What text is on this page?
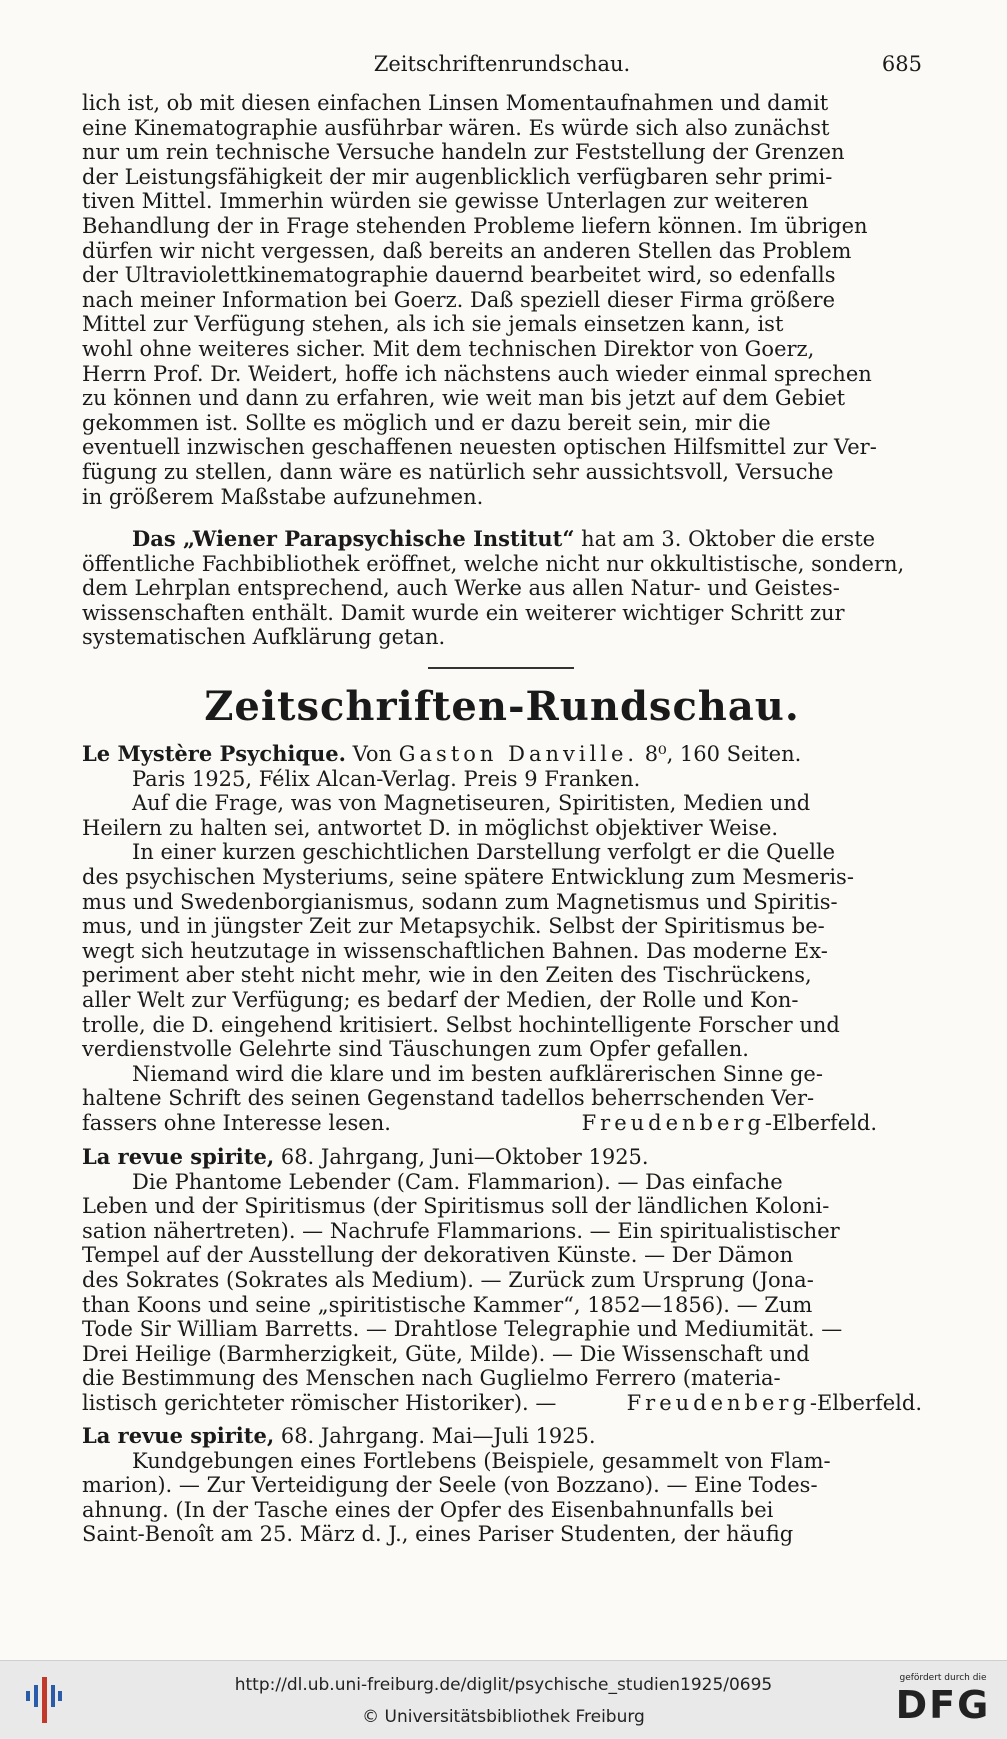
Zeitschriftenrundschau.	685

lich ist, ob mit diesen einfachen Linsen Momentaufnahmen und damit

eine Kinematographie ausführbar wären. Es würde sich also zunächst

nur um rein technische Versuche handeln zur Feststellung der Grenzen

der Leistungsfähigkeit der mir augenblicklich verfügbaren sehr primi-

tiven Mittel. Immerhin würden sie gewisse Unterlagen zur weiteren

Behandlung der in Frage stehenden Probleme liefern können. Im übrigen

dürfen wir nicht vergessen, daß bereits an anderen Stellen das Problem

der Ultraviolettkinematographie dauernd bearbeitet wird, so edenfalls

nach meiner Information bei Goerz. Daß speziell dieser Firma größere

Mittel zur Verfügung stehen, als ich sie jemals einsetzen kann, ist

wohl ohne weiteres sicher. Mit dem technischen Direktor von Goerz,

Herrn Prof. Dr. Weidert, hoffe ich nächstens auch wieder einmal sprechen

zu können und dann zu erfahren, wie weit man bis jetzt auf dem Gebiet

gekommen ist. Sollte es möglich und er dazu bereit sein, mir die

eventuell inzwischen geschaffenen neuesten optischen Hilfsmittel zur Ver-

fügung zu stellen, dann wäre es natürlich sehr aussichtsvoll, Versuche

in größerem Maßstabe aufzunehmen.

Das „Wiener Parapsychische Institut“ hat am 3. Oktober die erste

öffentliche Fachbibliothek eröffnet, welche nicht nur okkultistische, sondern,

dem Lehrplan entsprechend, auch Werke aus allen Natur- und Geistes-

wissenschaften enthält. Damit wurde ein weiterer wichtiger Schritt zur

systematischen Aufklärung getan.

Zeitschriften-Rundschau.

Le Mystère Psychique. Von Gaston Danville. 8⁰, 160 Seiten.

Paris 1925, Félix Alcan-Verlag. Preis 9 Franken.

Auf die Frage, was von Magnetiseuren, Spiritisten, Medien und

Heilern zu halten sei, antwortet D. in möglichst objektiver Weise.

In einer kurzen geschichtlichen Darstellung verfolgt er die Quelle

des psychischen Mysteriums, seine spätere Entwicklung zum Mesmeris-

mus und Swedenborgianismus, sodann zum Magnetismus und Spiritis-

mus, und in jüngster Zeit zur Metapsychik. Selbst der Spiritismus be-

wegt sich heutzutage in wissenschaftlichen Bahnen. Das moderne Ex-

periment aber steht nicht mehr, wie in den Zeiten des Tischrückens,

aller Welt zur Verfügung; es bedarf der Medien, der Rolle und Kon-

trolle, die D. eingehend kritisiert. Selbst hochintelligente Forscher und

verdienstvolle Gelehrte sind Täuschungen zum Opfer gefallen.

Niemand wird die klare und im besten aufklärerischen Sinne ge-

haltene Schrift des seinen Gegenstand tadellos beherrschenden Ver-

fassers ohne Interesse lesen.	Freudenberg-Elberfeld.

La revue spirite, 68. Jahrgang, Juni—Oktober 1925.

Die Phantome Lebender (Cam. Flammarion). — Das einfache

Leben und der Spiritismus (der Spiritismus soll der ländlichen Koloni-

sation nähertreten). — Nachrufe Flammarions. — Ein spiritualistischer

Tempel auf der Ausstellung der dekorativen Künste. — Der Dämon

des Sokrates (Sokrates als Medium). — Zurück zum Ursprung (Jona-

than Koons und seine „spiritistische Kammer“, 1852—1856). — Zum

Tode Sir William Barretts. — Drahtlose Telegraphie und Mediumität. —

Drei Heilige (Barmherzigkeit, Güte, Milde). — Die Wissenschaft und

die Bestimmung des Menschen nach Guglielmo Ferrero (materia-

listisch gerichteter römischer Historiker). —	Freudenberg-Elberfeld.

La revue spirite, 68. Jahrgang. Mai—Juli 1925.

Kundgebungen eines Fortlebens (Beispiele, gesammelt von Flam-

marion). — Zur Verteidigung der Seele (von Bozzano). — Eine Todes-

ahnung. (In der Tasche eines der Opfer des Eisenbahnunfalls bei

Saint-Benoît am 25. März d. J., eines Pariser Studenten, der häufig

http://dl.ub.uni-freiburg.de/diglit/psychische_studien1925/0695
© Universitätsbibliothek Freiburg
gefördert durch die
DFG
